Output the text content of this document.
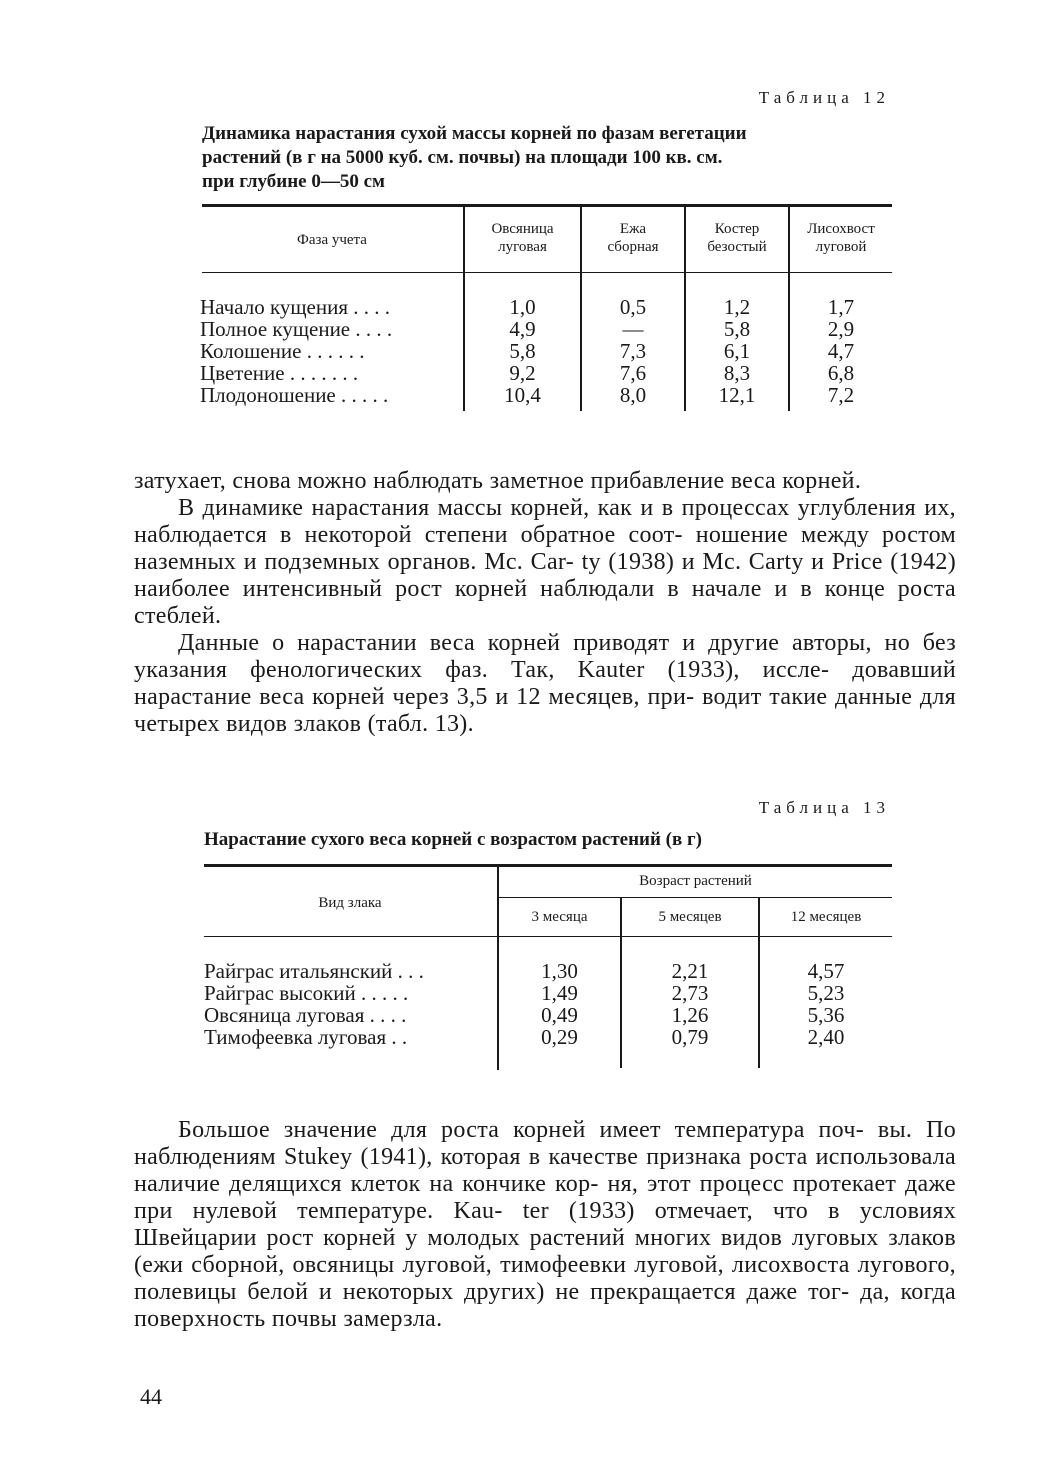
Таблица 12
Динамика нарастания сухой массы корней по фазам вегетации
растений (в г на 5000 куб. см. почвы) на площади 100 кв. см.
при глубине 0—50 см
Фаза учета
Овсяница
луговая
Ежа
сборная
Костер
безостый
Лисохвост
луговой
Начало кущения . . . .
Полное кущение . . . .
Колошение . . . . . .
Цветение . . . . . . .
Плодоношение . . . . .
1,0
4,9
5,8
9,2
10,4
0,5
—
7,3
7,6
8,0
1,2
5,8
6,1
8,3
12,1
1,7
2,9
4,7
6,8
7,2

затухает, снова можно наблюдать заметное прибавление веса корней.

В динамике нарастания массы корней, как и в процессах углубления их, наблюдается в некоторой степени обратное соот- ношение между ростом наземных и подземных органов. Mc. Car- ty (1938) и Mc. Carty и Price (1942) наиболее интенсивный рост корней наблюдали в начале и в конце роста стеблей.

Данные о нарастании веса корней приводят и другие авторы, но без указания фенологических фаз. Так, Kauter (1933), иссле- довавший нарастание веса корней через 3,5 и 12 месяцев, при- водит такие данные для четырех видов злаков (табл. 13).

Таблица 13
Нарастание сухого веса корней с возрастом растений (в г)
Вид злака
Возраст растений
3 месяца	5 месяцев	12 месяцев
Райграс итальянский . . .
Райграс высокий . . . . .
Овсяница луговая . . . .
Тимофеевка луговая . .
1,30
1,49
0,49
0,29
2,21
2,73
1,26
0,79
4,57
5,23
5,36
2,40

Большое значение для роста корней имеет температура поч- вы. По наблюдениям Stukey (1941), которая в качестве признака роста использовала наличие делящихся клеток на кончике кор- ня, этот процесс протекает даже при нулевой температуре. Kau- ter (1933) отмечает, что в условиях Швейцарии рост корней у молодых растений многих видов луговых злаков (ежи сборной, овсяницы луговой, тимофеевки луговой, лисохвоста лугового, полевицы белой и некоторых других) не прекращается даже тог- да, когда поверхность почвы замерзла.

44
